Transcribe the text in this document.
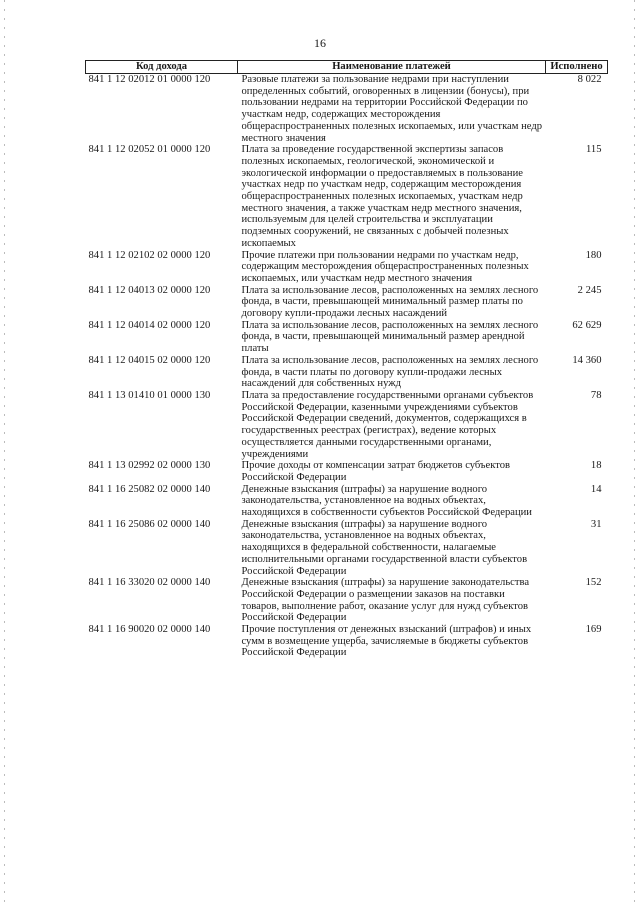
16
Код дохода	Наименование платежей	Исполнено
841 1 12 02012 01 0000 120	Разовые платежи за пользование недрами при наступлении определенных событий, оговоренных в лицензии (бонусы), при пользовании недрами на территории Российской Федерации по участкам недр, содержащих месторождения общераспространенных полезных ископаемых, или участкам недр местного значения	8 022
841 1 12 02052 01 0000 120	Плата за проведение государственной экспертизы запасов полезных ископаемых, геологической, экономической и экологической информации о предоставляемых в пользование участках недр по участкам недр, содержащим месторождения общераспространенных полезных ископаемых, участкам недр местного значения, а также участкам недр местного значения, используемым для целей строительства и эксплуатации подземных сооружений, не связанных с добычей полезных ископаемых	115
841 1 12 02102 02 0000 120	Прочие платежи при пользовании недрами по участкам недр, содержащим месторождения общераспространенных полезных ископаемых, или участкам недр местного значения	180
841 1 12 04013 02 0000 120	Плата за использование лесов, расположенных на землях лесного фонда, в части, превышающей минимальный размер платы по договору купли-продажи лесных насаждений	2 245
841 1 12 04014 02 0000 120	Плата за использование лесов, расположенных на землях лесного фонда, в части, превышающей минимальный размер арендной платы	62 629
841 1 12 04015 02 0000 120	Плата за использование лесов, расположенных на землях лесного фонда, в части платы по договору купли-продажи лесных насаждений для собственных нужд	14 360
841 1 13 01410 01 0000 130	Плата за предоставление государственными органами субъектов Российской Федерации, казенными учреждениями субъектов Российской Федерации сведений, документов, содержащихся в государственных реестрах (регистрах), ведение которых осуществляется данными государственными органами, учреждениями	78
841 1 13 02992 02 0000 130	Прочие доходы от компенсации затрат бюджетов субъектов Российской Федерации	18
841 1 16 25082 02 0000 140	Денежные взыскания (штрафы) за нарушение водного законодательства, установленное на водных объектах, находящихся в собственности субъектов Российской Федерации	14
841 1 16 25086 02 0000 140	Денежные взыскания (штрафы) за нарушение водного законодательства, установленное на водных объектах, находящихся в федеральной собственности, налагаемые исполнительными органами государственной власти субъектов Российской Федерации	31
841 1 16 33020 02 0000 140	Денежные взыскания (штрафы) за нарушение законодательства Российской Федерации о размещении заказов на поставки товаров, выполнение работ, оказание услуг для нужд субъектов Российской Федерации	152
841 1 16 90020 02 0000 140	Прочие поступления от денежных взысканий (штрафов) и иных сумм в возмещение ущерба, зачисляемые в бюджеты субъектов Российской Федерации	169
